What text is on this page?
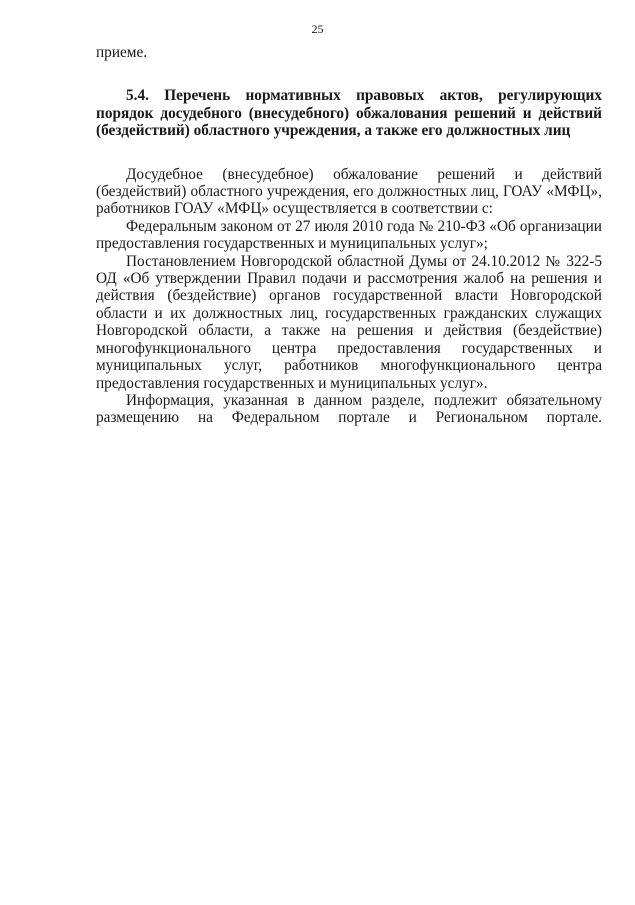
25

приеме.

5.4. Перечень нормативных правовых актов, регулирующих порядок досудебного (внесудебного) обжалования решений и действий (бездействий) областного учреждения, а также его должностных лиц

Досудебное (внесудебное) обжалование решений и действий (бездействий) областного учреждения, его должностных лиц, ГОАУ «МФЦ», работников ГОАУ «МФЦ» осуществляется в соответствии с:

Федеральным законом от 27 июля 2010 года № 210-ФЗ «Об организации предоставления государственных и муниципальных услуг»;

Постановлением Новгородской областной Думы от 24.10.2012 № 322-5 ОД «Об утверждении Правил подачи и рассмотрения жалоб на решения и действия (бездействие) органов государственной власти Новгородской области и их должностных лиц, государственных гражданских служащих Новгородской области, а также на решения и действия (бездействие) многофункционального центра предоставления государственных и муниципальных услуг, работников многофункционального центра предоставления государственных и муниципальных услуг».

Информация, указанная в данном разделе, подлежит обязательному размещению на Федеральном портале и Региональном портале.
